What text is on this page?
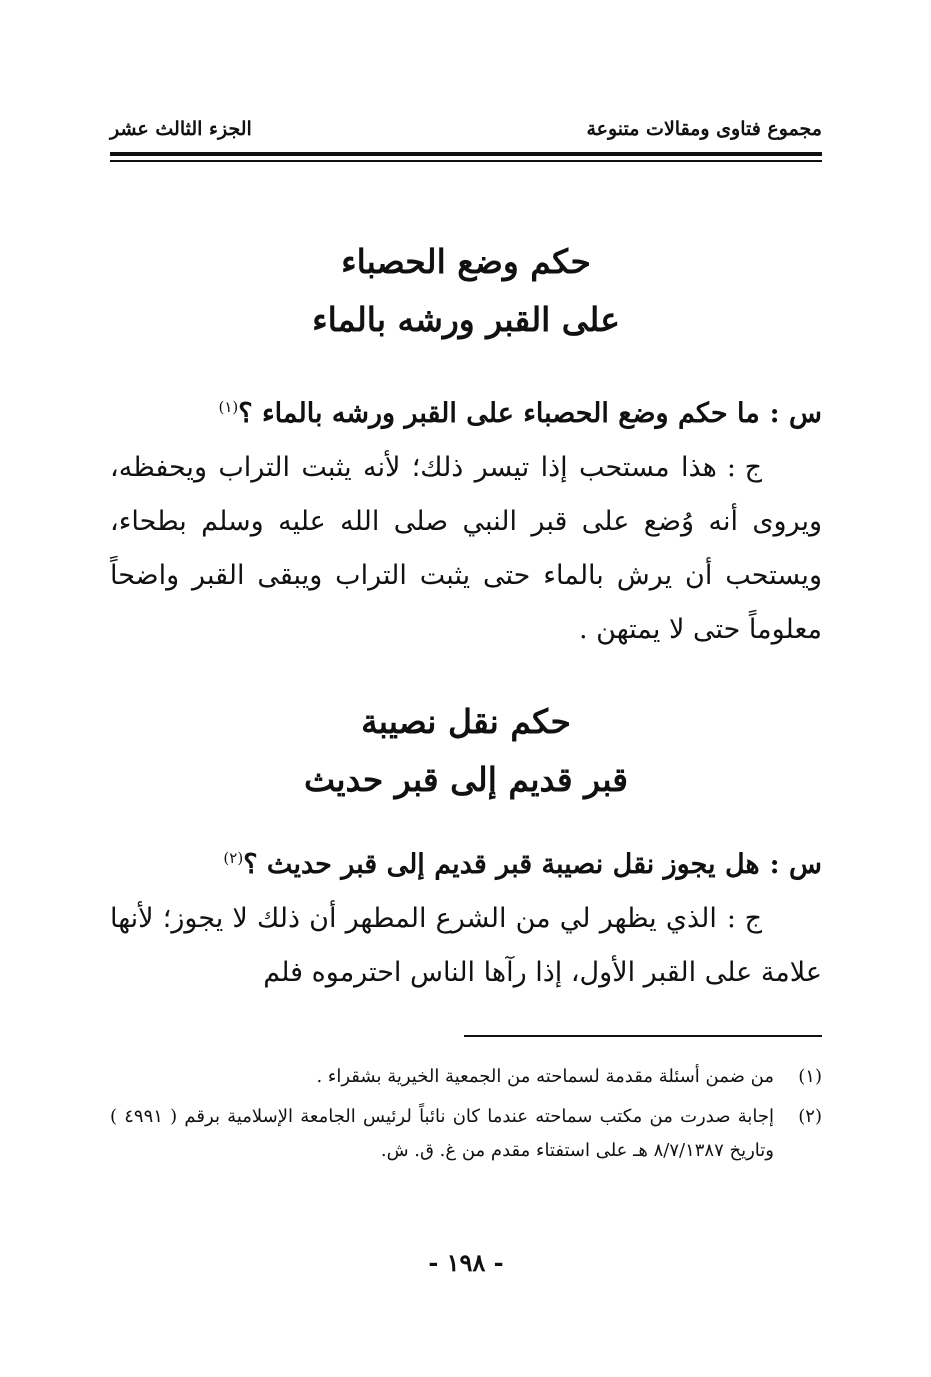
مجموع فتاوى ومقالات متنوعة
الجزء الثالث عشر
حكم وضع الحصباء
على القبر ورشه بالماء

س :ما حكم وضع الحصباء على القبر ورشه بالماء ؟$^{(١)}$

ج :هذا مستحب إذا تيسر ذلك؛ لأنه يثبت التراب ويحفظه، ويروى أنه وُضع على قبر النبي صلى الله عليه وسلم بطحاء، ويستحب أن يرش بالماء حتى يثبت التراب ويبقى القبر واضحاً معلوماً حتى لا يمتهن .

حكم نقل نصيبة
قبر قديم إلى قبر حديث

س :هل يجوز نقل نصيبة قبر قديم إلى قبر حديث ؟$^{(٢)}$

ج :الذي يظهر لي من الشرع المطهر أن ذلك لا يجوز؛ لأنها علامة على القبر الأول، إذا رآها الناس احترموه فلم

(١)
من ضمن أسئلة مقدمة لسماحته من الجمعية الخيرية بشقراء .
(٢)
إجابة صدرت من مكتب سماحته عندما كان نائباً لرئيس الجامعة الإسلامية برقم ( ٤٩٩١ ) وتاريخ ٨/٧/١٣٨٧ هـ على استفتاء مقدم من غ. ق. ش.
- ١٩٨ -
